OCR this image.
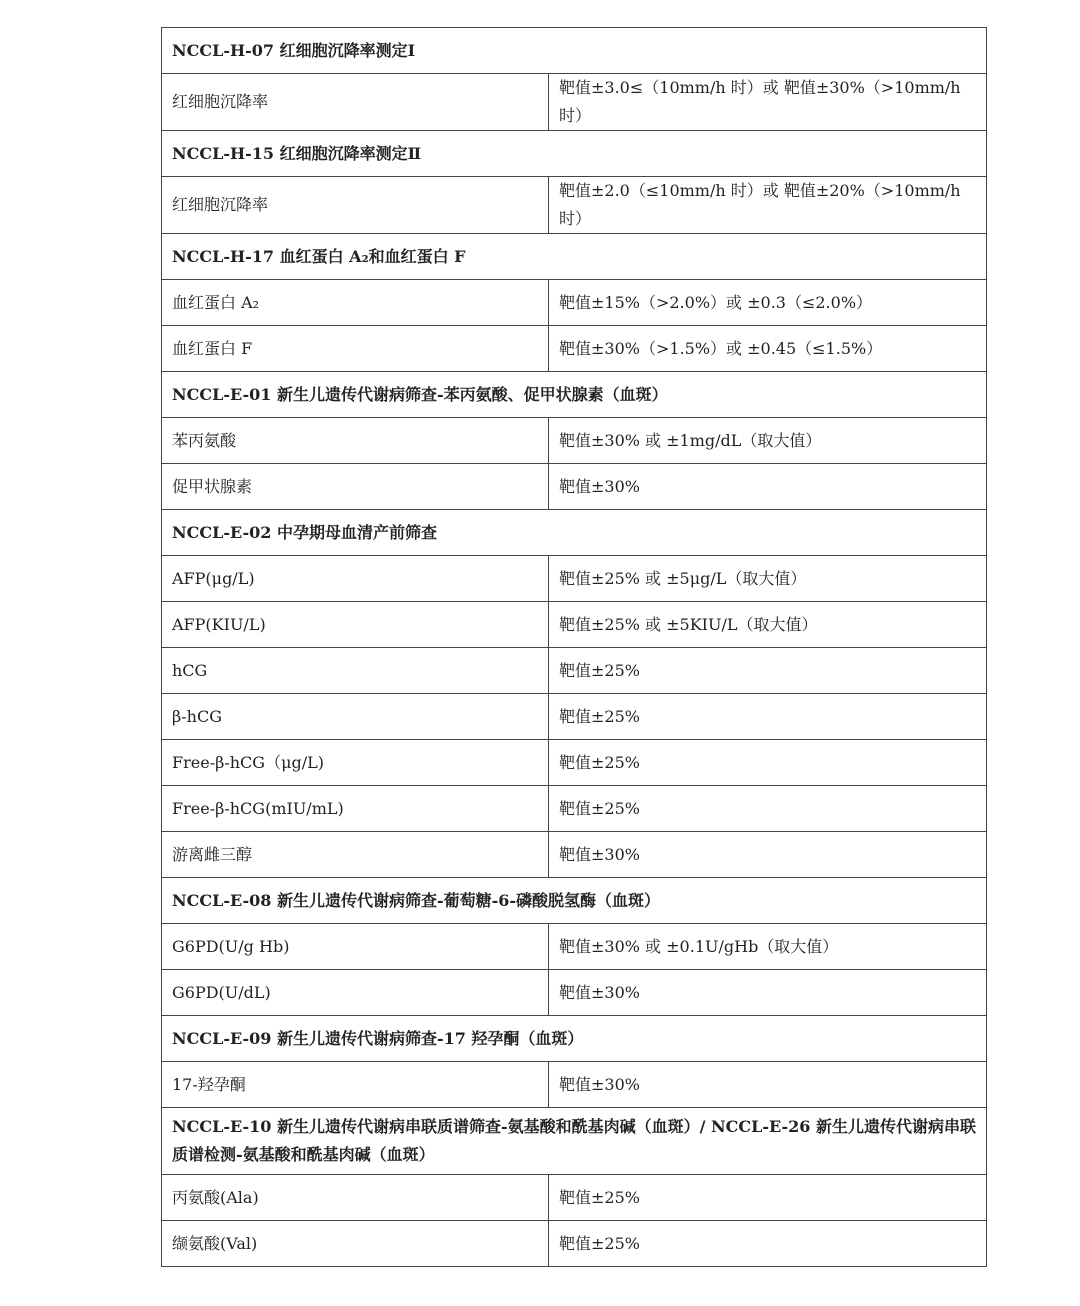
NCCL-H-07 红细胞沉降率测定Ⅰ	
红细胞沉降率	靶值±3.0≤（10mm/h 时）或 靶值±30%（>10mm/h 时）
NCCL-H-15 红细胞沉降率测定Ⅱ	
红细胞沉降率	靶值±2.0（≤10mm/h 时）或 靶值±20%（>10mm/h 时）
NCCL-H-17 血红蛋白 A₂和血红蛋白 F	
血红蛋白 A₂	靶值±15%（>2.0%）或 ±0.3（≤2.0%）
血红蛋白 F	靶值±30%（>1.5%）或 ±0.45（≤1.5%）
NCCL-E-01 新生儿遗传代谢病筛查-苯丙氨酸、促甲状腺素（血斑）	
苯丙氨酸	靶值±30% 或 ±1mg/dL（取大值）
促甲状腺素	靶值±30%
NCCL-E-02 中孕期母血清产前筛查	
AFP(μg/L)	靶值±25% 或 ±5μg/L（取大值）
AFP(KIU/L)	靶值±25% 或 ±5KIU/L（取大值）
hCG	靶值±25%
β-hCG	靶值±25%
Free-β-hCG（μg/L)	靶值±25%
Free-β-hCG(mIU/mL)	靶值±25%
游离雌三醇	靶值±30%
NCCL-E-08 新生儿遗传代谢病筛查-葡萄糖-6-磷酸脱氢酶（血斑）	
G6PD(U/g Hb)	靶值±30% 或 ±0.1U/gHb（取大值）
G6PD(U/dL)	靶值±30%
NCCL-E-09 新生儿遗传代谢病筛查-17 羟孕酮（血斑）	
17-羟孕酮	靶值±30%
NCCL-E-10 新生儿遗传代谢病串联质谱筛查-氨基酸和酰基肉碱（血斑）/ NCCL-E-26 新生儿遗传代谢病串联质谱检测-氨基酸和酰基肉碱（血斑）	
丙氨酸(Ala)	靶值±25%
缬氨酸(Val)	靶值±25%
